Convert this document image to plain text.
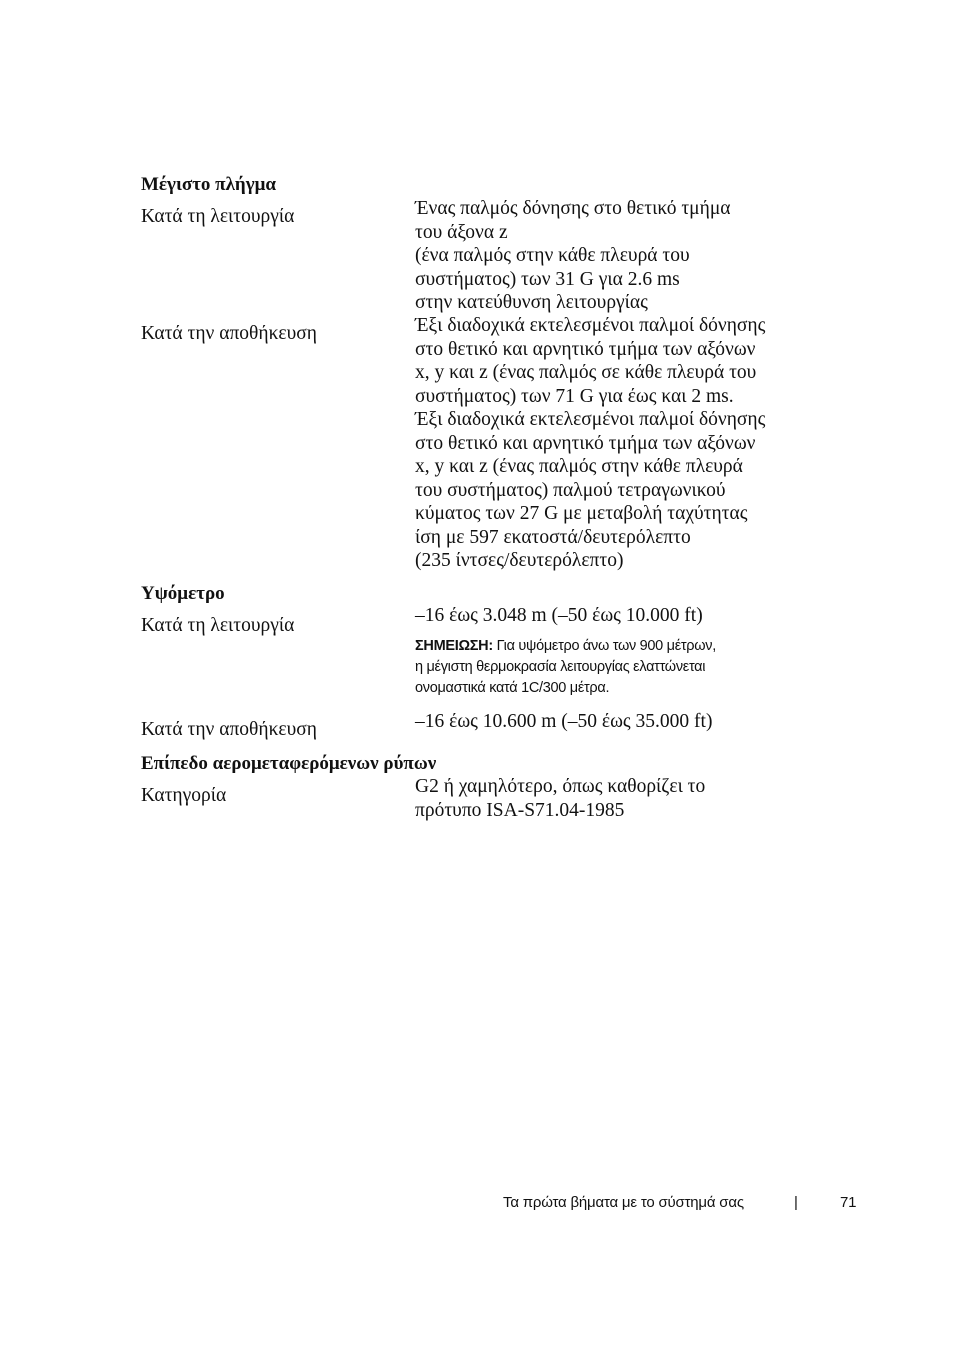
Μέγιστο πλήγμα
Κατά τη λειτουργία	Ένας παλμός δόνησης στο θετικό τμήμα
του άξονα z
(ένα παλμός στην κάθε πλευρά του
συστήματος) των 31 G για 2.6 ms
στην κατεύθυνση λειτουργίας
Κατά την αποθήκευση	Έξι διαδοχικά εκτελεσμένοι παλμοί δόνησης
στο θετικό και αρνητικό τμήμα των αξόνων
x, y και z (ένας παλμός σε κάθε πλευρά του
συστήματος) των 71 G για έως και 2 ms.
Έξι διαδοχικά εκτελεσμένοι παλμοί δόνησης
στο θετικό και αρνητικό τμήμα των αξόνων
x, y και z (ένας παλμός στην κάθε πλευρά
του συστήματος) παλμού τετραγωνικού
κύματος των 27 G με μεταβολή ταχύτητας
ίση με 597 εκατοστά/δευτερόλεπτο
(235 ίντσες/δευτερόλεπτο)
Υψόμετρο
Κατά τη λειτουργία	–16 έως 3.048 m (–50 έως 10.000 ft)
ΣΗΜΕΙΩΣΗ: Για υψόμετρο άνω των 900 μέτρων,
η μέγιστη θερμοκρασία λειτουργίας ελαττώνεται
ονομαστικά κατά 1C/300 μέτρα.
Κατά την αποθήκευση	–16 έως 10.600 m (–50 έως 35.000 ft)
Επίπεδο αερομεταφερόμενων ρύπων
Κατηγορία	G2 ή χαμηλότερο, όπως καθορίζει το
πρότυπο ISA-S71.04-1985
Τα πρώτα βήματα με το σύστημά σας	|	71
